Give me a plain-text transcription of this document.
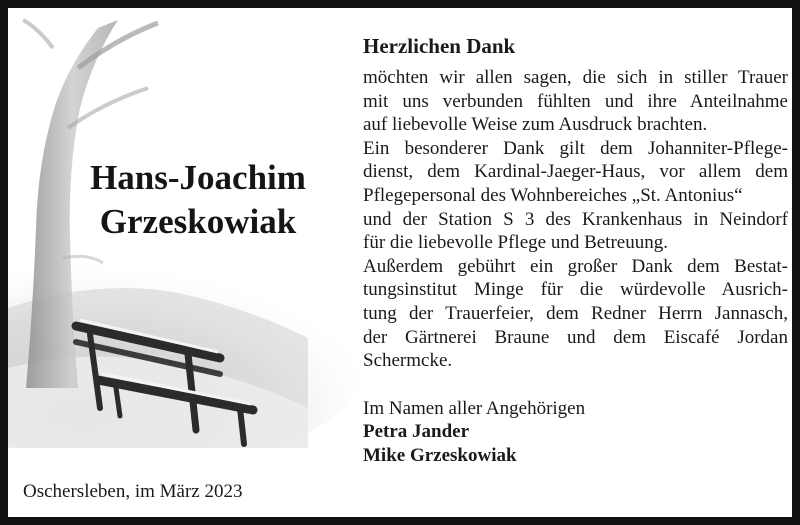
Hans-Joachim
Grzeskowiak
Oschersleben, im März 2023
Herzlichen Dank
möchten wir allen sagen, die sich in stiller Trauer
mit uns verbunden fühlten und ihre Anteilnahme
auf liebevolle Weise zum Ausdruck brachten.
Ein besonderer Dank gilt dem Johanniter-Pflege-
dienst, dem Kardinal-Jaeger-Haus, vor allem dem
Pflegepersonal des Wohnbereiches „St. Antonius“
und der Station S 3 des Krankenhaus in Neindorf
für die liebevolle Pflege und Betreuung.
Außerdem gebührt ein großer Dank dem Bestat-
tungsinstitut Minge für die würdevolle Ausrich-
tung der Trauerfeier, dem Redner Herrn Jannasch,
der Gärtnerei Braune und dem Eiscafé Jordan
Schermcke.
Im Namen aller Angehörigen
Petra Jander
Mike Grzeskowiak
